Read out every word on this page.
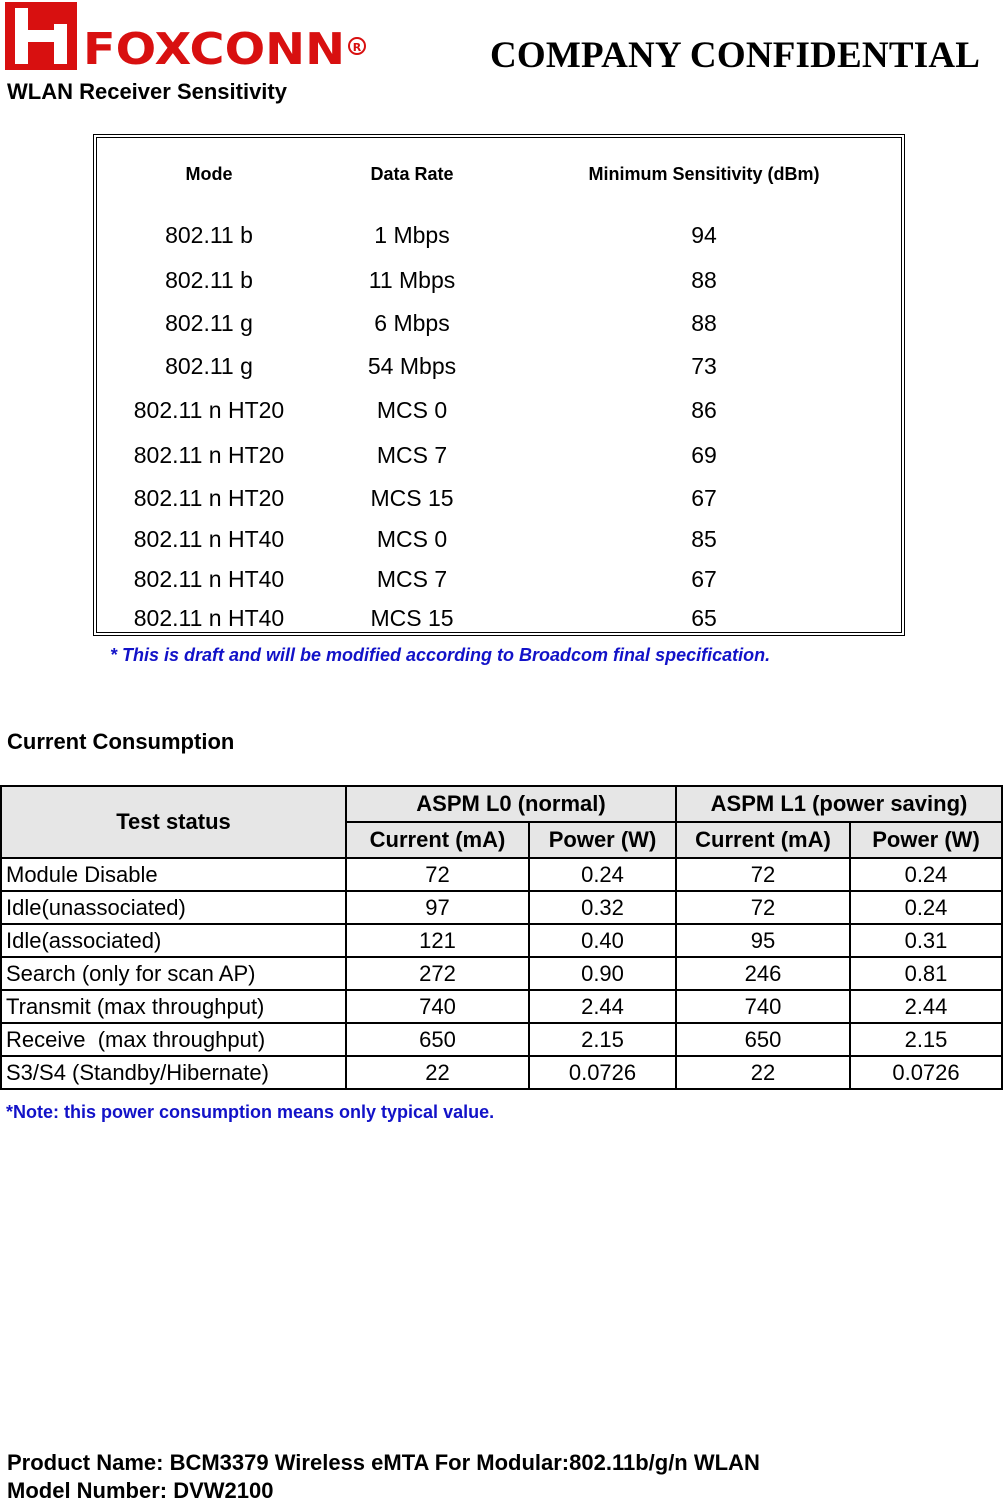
FOXCONN R	COMPANY CONFIDENTIAL
WLAN Receiver Sensitivity
Mode	Data Rate	Minimum Sensitivity (dBm)
802.11 b	1 Mbps	94
802.11 b	11 Mbps	88
802.11 g	6 Mbps	88
802.11 g	54 Mbps	73
802.11 n HT20	MCS 0	86
802.11 n HT20	MCS 7	69
802.11 n HT20	MCS 15	67
802.11 n HT40	MCS 0	85
802.11 n HT40	MCS 7	67
802.11 n HT40	MCS 15	65
* This is draft and will be modified according to Broadcom final specification.
Current Consumption
Test status	ASPM L0 (normal)		ASPM L1 (power saving)	
	Current (mA)	Power (W)	Current (mA)	Power (W)
Module Disable	72	0.24	72	0.24
Idle(unassociated)	97	0.32	72	0.24
Idle(associated)	121	0.40	95	0.31
Search (only for scan AP)	272	0.90	246	0.81
Transmit (max throughput)	740	2.44	740	2.44
Receive  (max throughput)	650	2.15	650	2.15
S3/S4 (Standby/Hibernate)	22	0.0726	22	0.0726
*Note: this power consumption means only typical value.
Product Name: BCM3379 Wireless eMTA For Modular:802.11b/g/n WLAN
Model Number: DVW2100
